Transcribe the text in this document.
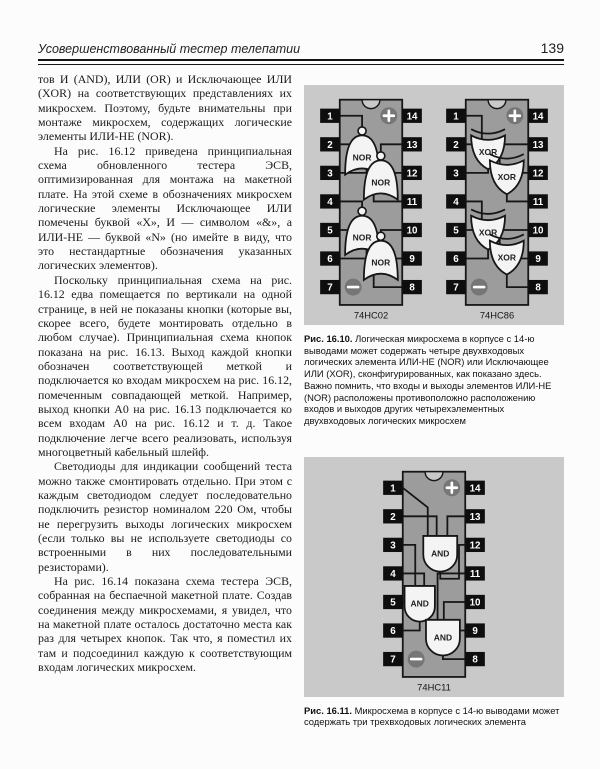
Усовершенствованный тестер телепатии	139

тов И (AND), ИЛИ (OR) и Исключающее ИЛИ (XOR) на соответствующих представлениях их микросхем. Поэтому, будьте внимательны при монтаже микросхем, содержащих логические элементы ИЛИ-НЕ (NOR).

На рис. 16.12 приведена принципиальная схема обновленного тестера ЭСВ, оптимизированная для монтажа на макетной плате. На этой схеме в обозначениях микросхем логические элементы Исключающее ИЛИ помечены буквой «X», И — символом «&», а ИЛИ-НЕ — буквой «N» (но имейте в виду, что это нестандартные обозначения указанных логических элементов).

Поскольку принципиальная схема на рис. 16.12 едва помещается по вертикали на одной странице, в ней не показаны кнопки (которые вы, скорее всего, будете монтировать отдельно в любом случае). Принципиальная схема кнопок показана на рис. 16.13. Выход каждой кнопки обозначен соответствующей меткой и подключается ко входам микросхем на рис. 16.12, помеченным совпадающей меткой. Например, выход кнопки A0 на рис. 16.13 подключается ко всем входам A0 на рис. 16.12 и т. д. Такое подключение легче всего реализовать, используя многоцветный кабельный шлейф.

Светодиоды для индикации сообщений теста можно также смонтировать отдельно. При этом с каждым светодиодом следует последовательно подключить резистор номиналом 220 Ом, чтобы не перегрузить выходы логических микросхем (если только вы не используете светодиоды со встроенными в них последовательными резисторами).

На рис. 16.14 показана схема тестера ЭСВ, собранная на беспаечной макетной плате. Создав соединения между микросхемами, я увидел, что на макетной плате осталось достаточно места как раз для четырех кнопок. Так что, я поместил их там и подсоединил каждую к соответствующим входам логических микросхем.

NOR
NOR
NOR
NOR
1
2
3
4
5
6
7
14
13
12
11
10
9
8
74HC02
XOR
XOR
XOR
XOR
1
2
3
4
5
6
7
14
13
12
11
10
9
8
74HC86
Рис. 16.10. Логическая микросхема в корпусе с 14-ю выводами может содержать четыре двухвходовых логических элемента ИЛИ-НЕ (NOR) или Исключающее ИЛИ (XOR), сконфигурированных, как показано здесь. Важно помнить, что входы и выходы элементов ИЛИ-НЕ (NOR) расположены противоположно расположению входов и выходов других четырехэлементных двухвходовых логических микросхем
AND
AND
AND
1
2
3
4
5
6
7
14
13
12
11
10
9
8
74HC11
Рис. 16.11. Микросхема в корпусе с 14-ю выводами может содержать три трехвходовых логических элемента
